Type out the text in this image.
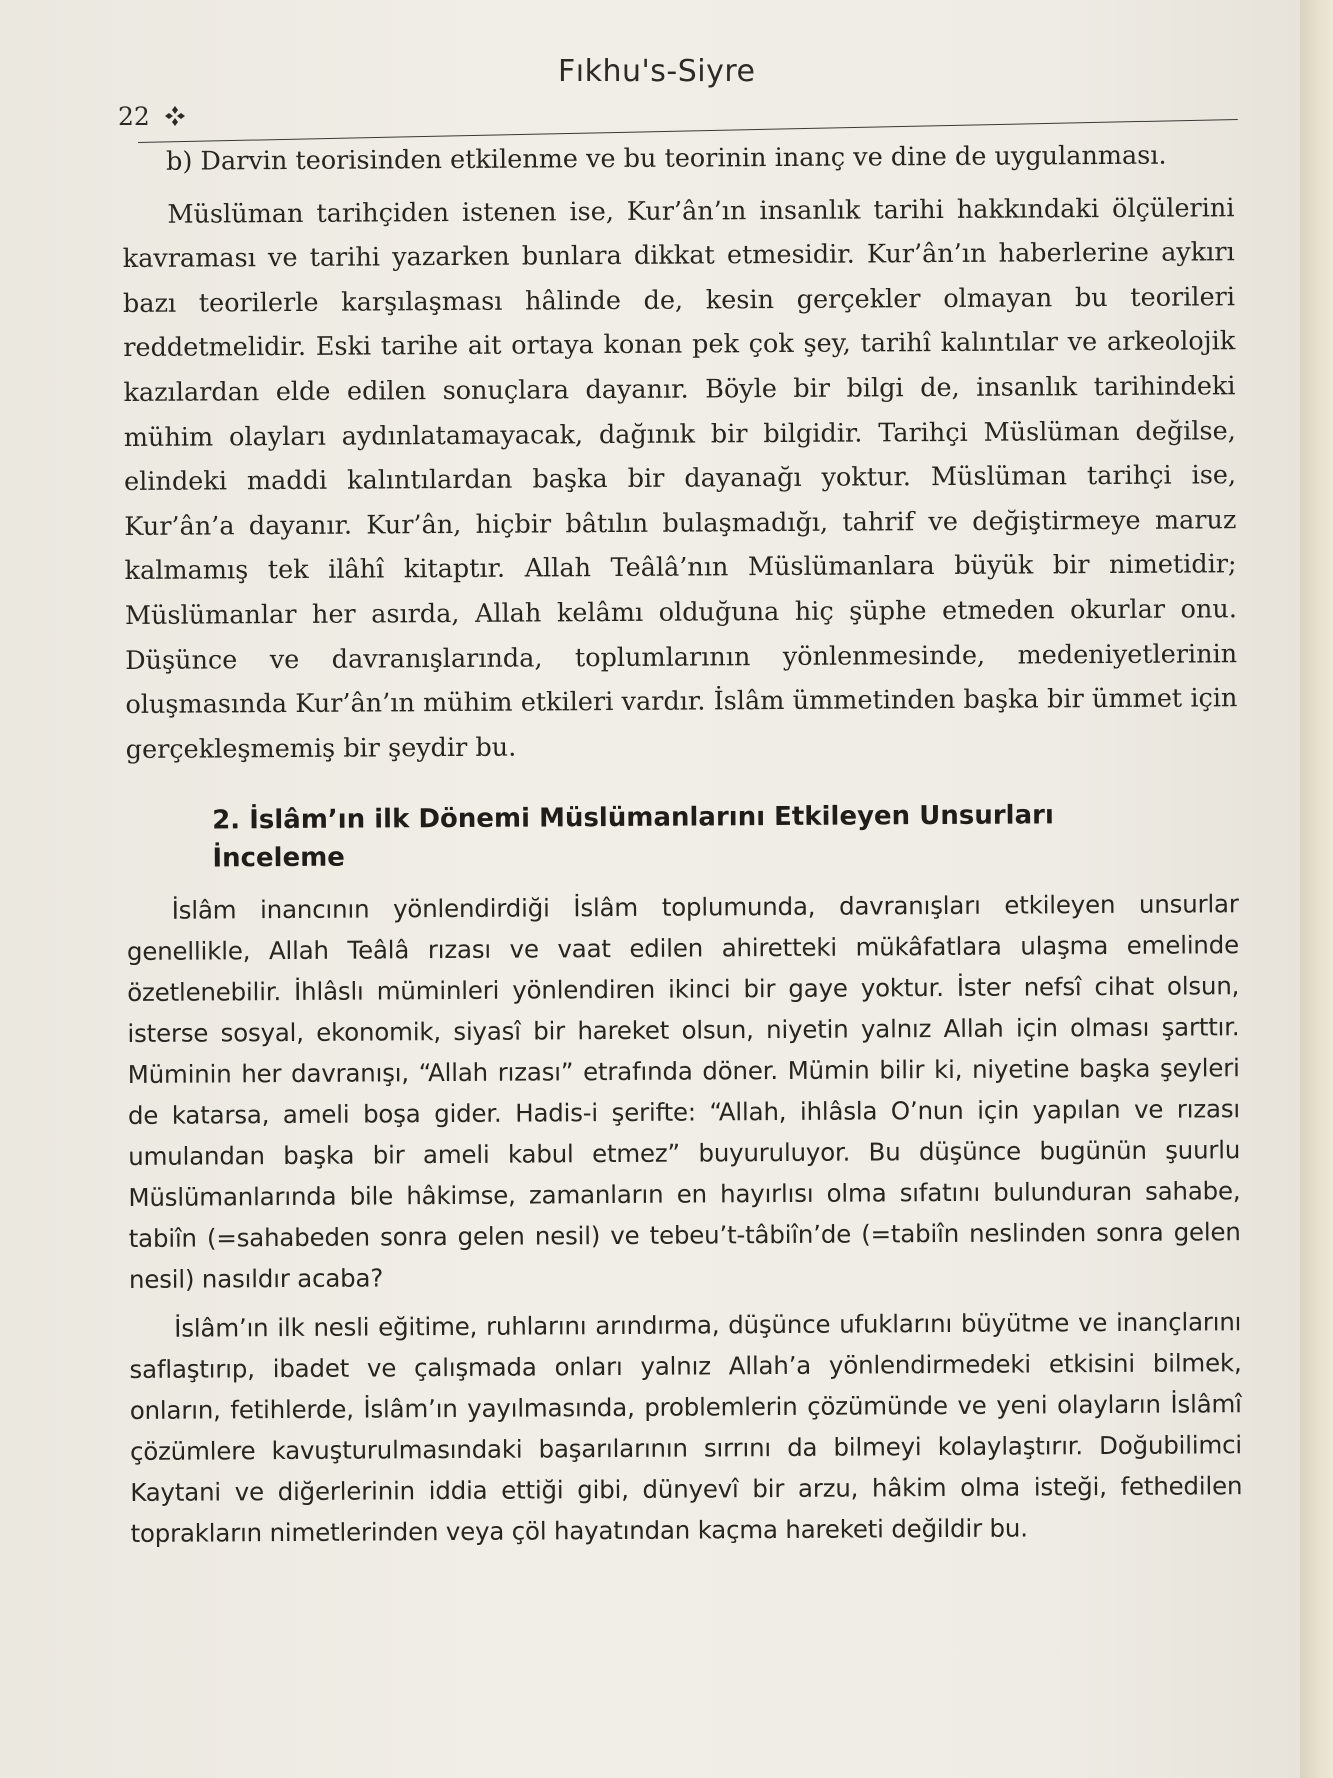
22
Fıkhu's-Siyre

b) Darvin teorisinden etkilenme ve bu teorinin inanç ve dine de uygulanması.

Müslüman tarihçiden istenen ise, Kur’ân’ın insanlık tarihi hakkındaki ölçülerini kavraması ve tarihi yazarken bunlara dikkat etmesidir. Kur’ân’ın haberlerine aykırı bazı teorilerle karşılaşması hâlinde de, kesin gerçekler olmayan bu teorileri reddetmelidir. Eski tarihe ait ortaya konan pek çok şey, tarihî kalıntılar ve arkeolojik kazılardan elde edilen sonuçlara dayanır. Böyle bir bilgi de, insanlık tarihindeki mühim olayları aydınlatamayacak, dağınık bir bilgidir. Tarihçi Müslüman değilse, elindeki maddi kalıntılardan başka bir dayanağı yoktur. Müslüman tarihçi ise, Kur’ân’a dayanır. Kur’ân, hiçbir bâtılın bulaşmadığı, tahrif ve değiştirmeye maruz kalmamış tek ilâhî kitaptır. Allah Teâlâ’nın Müslümanlara büyük bir nimetidir; Müslümanlar her asırda, Allah kelâmı olduğuna hiç şüphe etmeden okurlar onu. Düşünce ve davranışlarında, toplumlarının yönlenmesinde, medeniyetlerinin oluşmasında Kur’ân’ın mühim etkileri vardır. İslâm ümmetinden başka bir ümmet için gerçekleşmemiş bir şeydir bu.

2. İslâm’ın ilk Dönemi Müslümanlarını Etkileyen Unsurları
İnceleme

İslâm inancının yönlendirdiği İslâm toplumunda, davranışları etkileyen unsurlar genellikle, Allah Teâlâ rızası ve vaat edilen ahiretteki mükâfatlara ulaşma emelinde özetlenebilir. İhlâslı müminleri yönlendiren ikinci bir gaye yoktur. İster nefsî cihat olsun, isterse sosyal, ekonomik, siyasî bir hareket olsun, niyetin yalnız Allah için olması şarttır. Müminin her davranışı, “Allah rızası” etrafında döner. Mümin bilir ki, niyetine başka şeyleri de katarsa, ameli boşa gider. Hadis-i şerifte: “Allah, ihlâsla O’nun için yapılan ve rızası umulandan başka bir ameli kabul etmez” buyuruluyor. Bu düşünce bugünün şuurlu Müslümanlarında bile hâkimse, zamanların en hayırlısı olma sıfatını bulunduran sahabe, tabiîn (=sahabeden sonra gelen nesil) ve tebeu’t-tâbiîn’de (=tabiîn neslinden sonra gelen nesil) nasıldır acaba?

İslâm’ın ilk nesli eğitime, ruhlarını arındırma, düşünce ufuklarını büyütme ve inançlarını saflaştırıp, ibadet ve çalışmada onları yalnız Allah’a yönlendirmedeki etkisini bilmek, onların, fetihlerde, İslâm’ın yayılmasında, problemlerin çözümünde ve yeni olayların İslâmî çözümlere kavuşturulmasındaki başarılarının sırrını da bilmeyi kolaylaştırır. Doğubilimci Kaytani ve diğerlerinin iddia ettiği gibi, dünyevî bir arzu, hâkim olma isteği, fethedilen toprakların nimetlerinden veya çöl hayatından kaçma hareketi değildir bu.
